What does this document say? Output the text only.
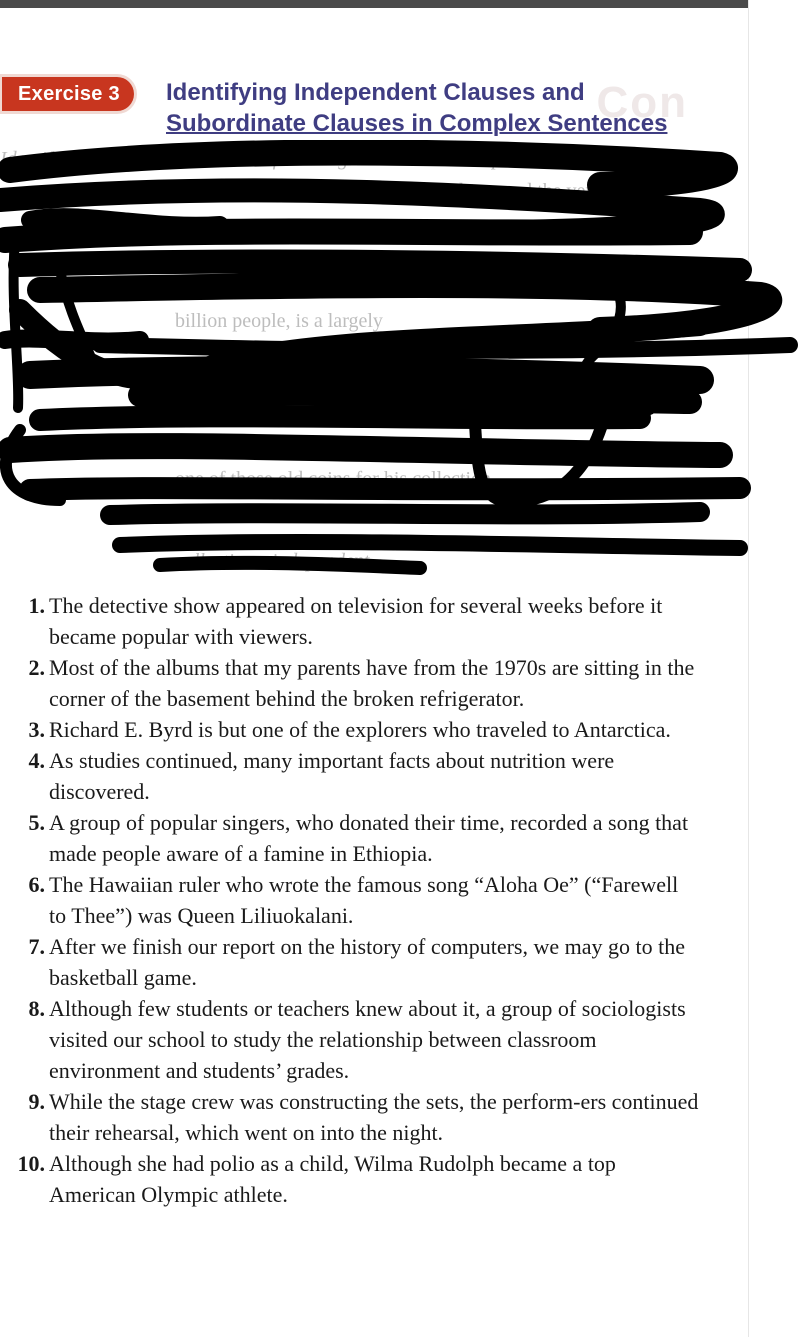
Con
Exercise 3	Identifying Independent Clauses and
Subordinate Clauses in Complex Sentences
Identify each of the clauses in the following sentences as indepena-
Be prepared to give the subject and the verb
billion people, is a largely
Although it was nearly worthless, my
one of those old coins for his collection
collection—independent
1. The detective show appeared on television for several weeks before it became popular with viewers.
2. Most of the albums that my parents have from the 1970s are sitting in the corner of the basement behind the broken refrigerator.
3. Richard E. Byrd is but one of the explorers who traveled to Antarctica.
4. As studies continued, many important facts about nutrition were discovered.
5. A group of popular singers, who donated their time, recorded a song that made people aware of a famine in Ethiopia.
6. The Hawaiian ruler who wrote the famous song “Aloha Oe” (“Farewell to Thee”) was Queen Liliuokalani.
7. After we finish our report on the history of computers, we may go to the basketball game.
8. Although few students or teachers knew about it, a group of sociologists visited our school to study the relationship between classroom environment and students’ grades.
9. While the stage crew was constructing the sets, the perform-ers continued their rehearsal, which went on into the night.
10. Although she had polio as a child, Wilma Rudolph became a top American Olympic athlete.
